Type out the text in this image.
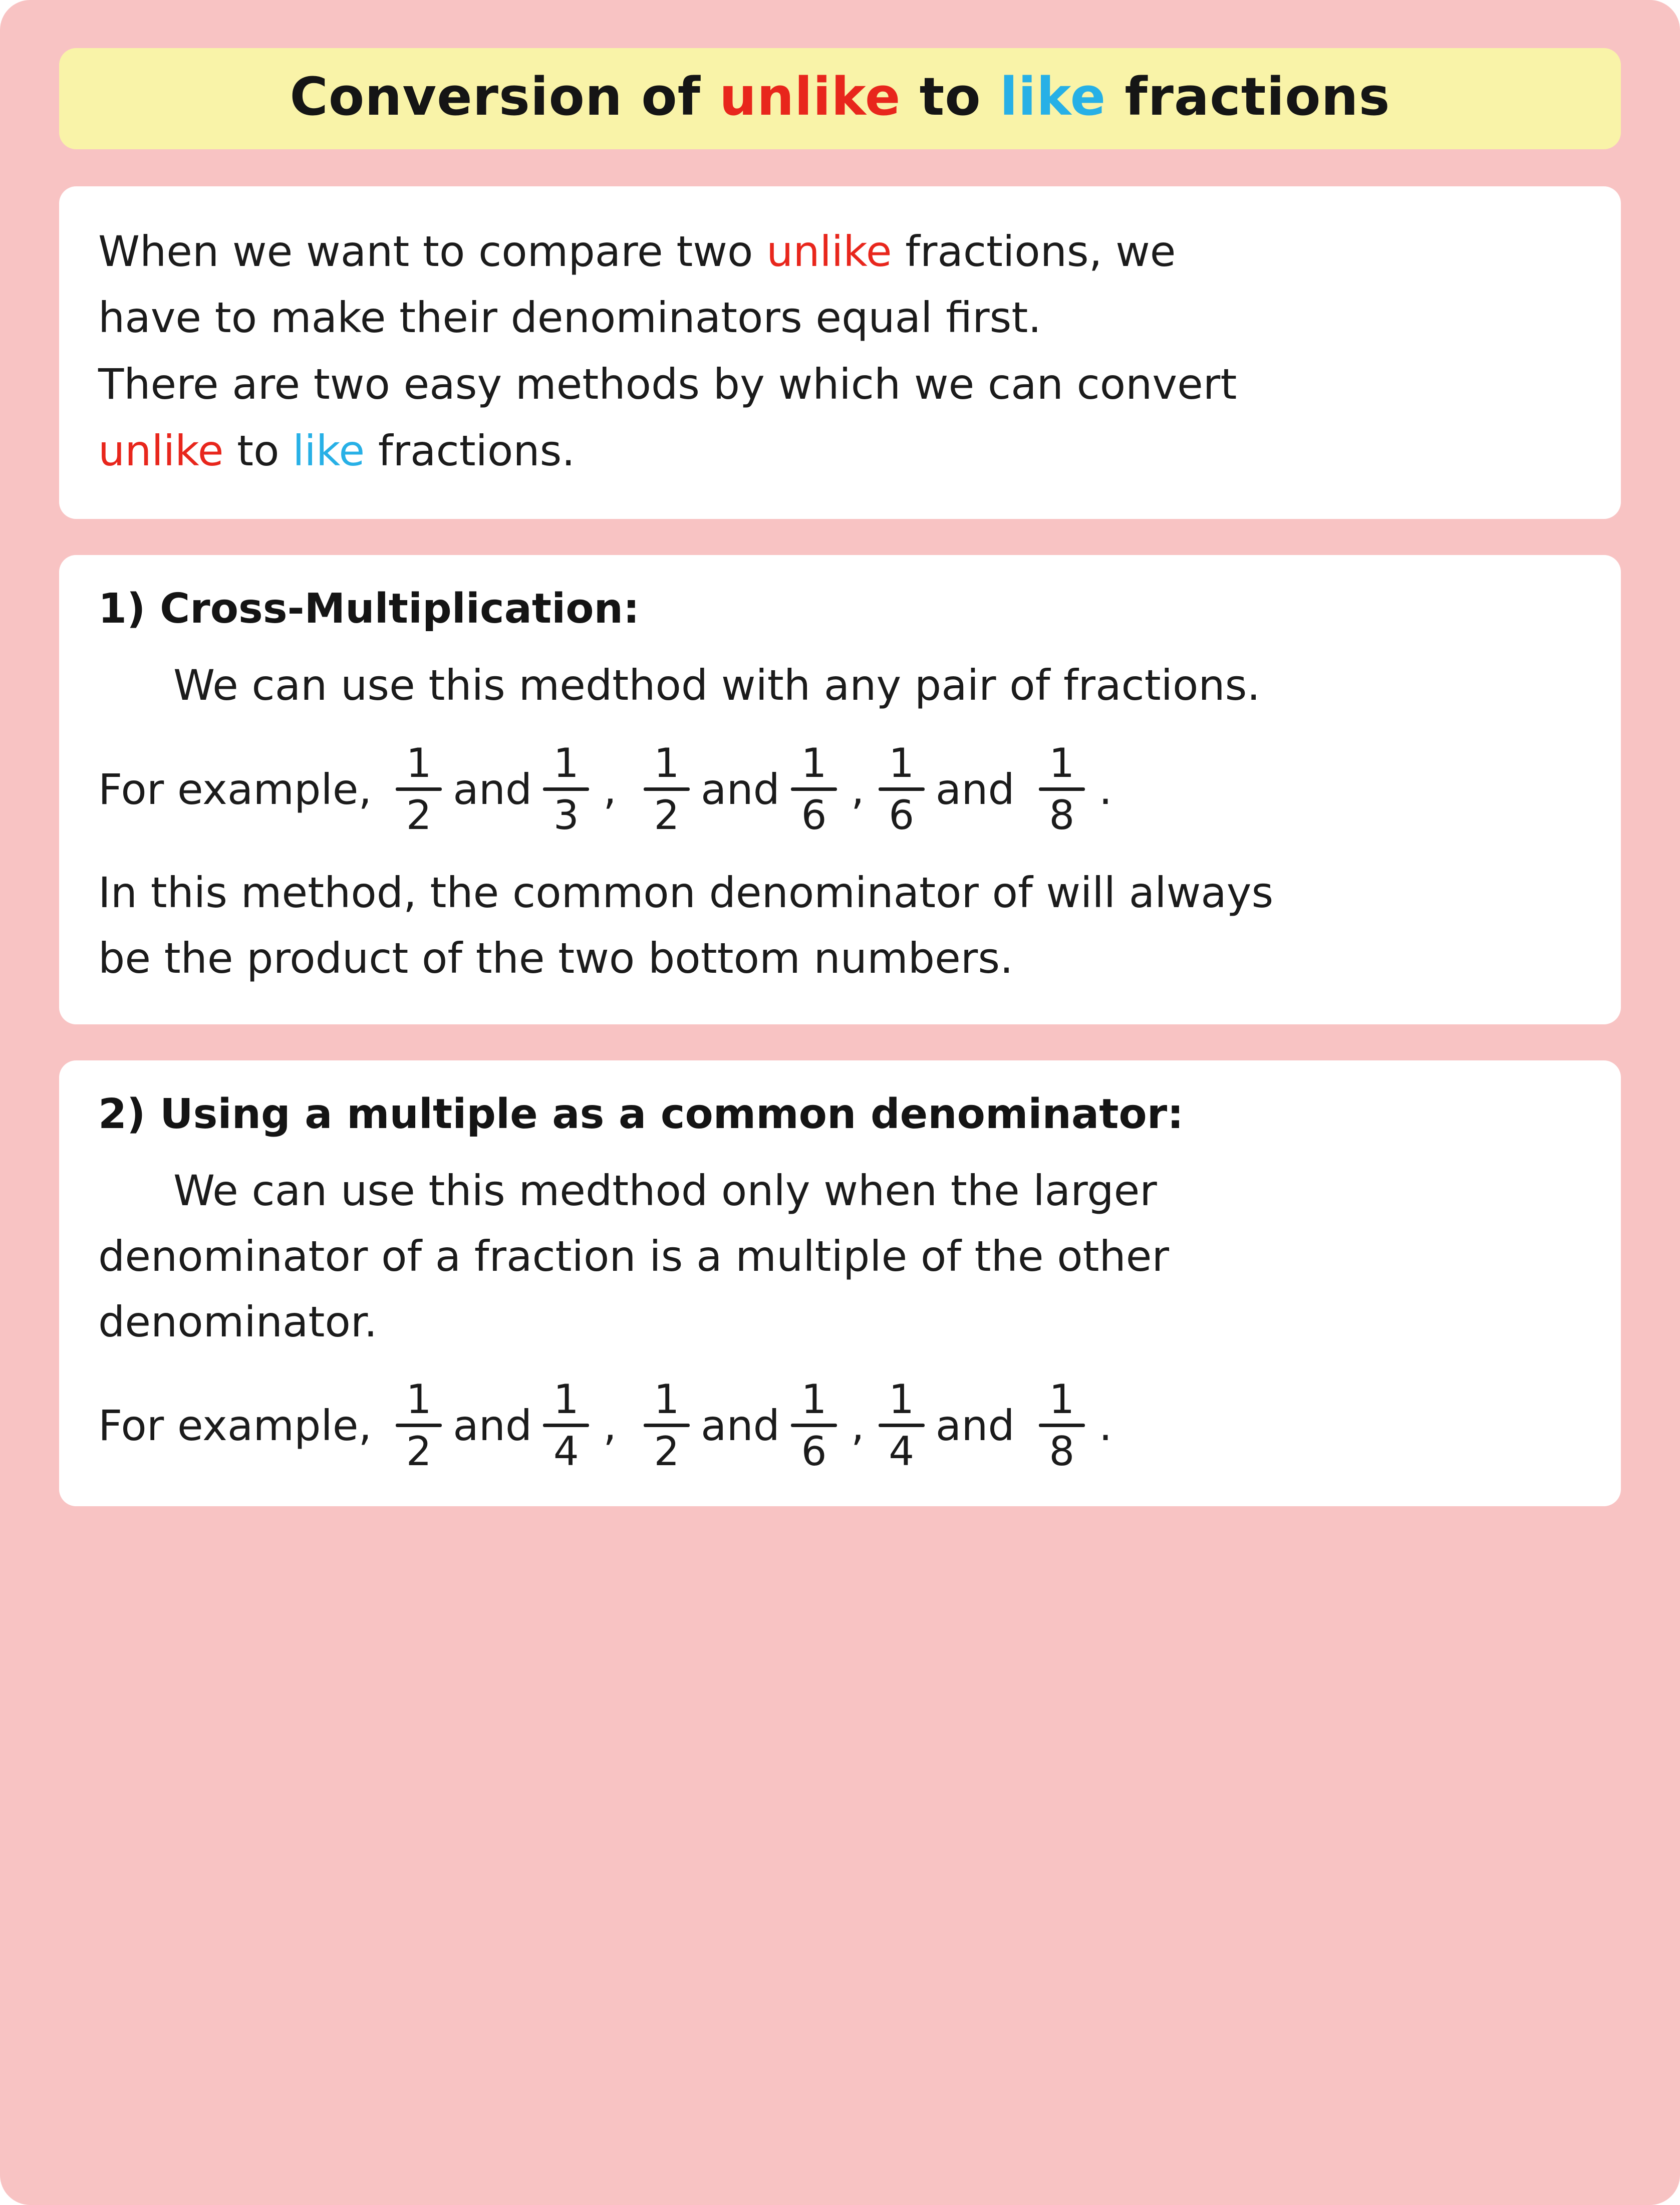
Conversion of unlike to like fractions
When we want to compare two unlike fractions, we
have to make their denominators equal first.
There are two easy methods by which we can convert
unlike to like fractions.
1) Cross-Multiplication:
We can use this medthod with any pair of fractions.
For example,
1
2
and
1
3
,
1
2
and
1
6
,
1
6
and
1
8
.
In this method, the common denominator of will always
be the product of the two bottom numbers.
2) Using a multiple as a common denominator:
We can use this medthod only when the larger
denominator of a fraction is a multiple of the other
denominator.
For example,
1
2
and
1
4
,
1
2
and
1
6
,
1
4
and
1
8
.
